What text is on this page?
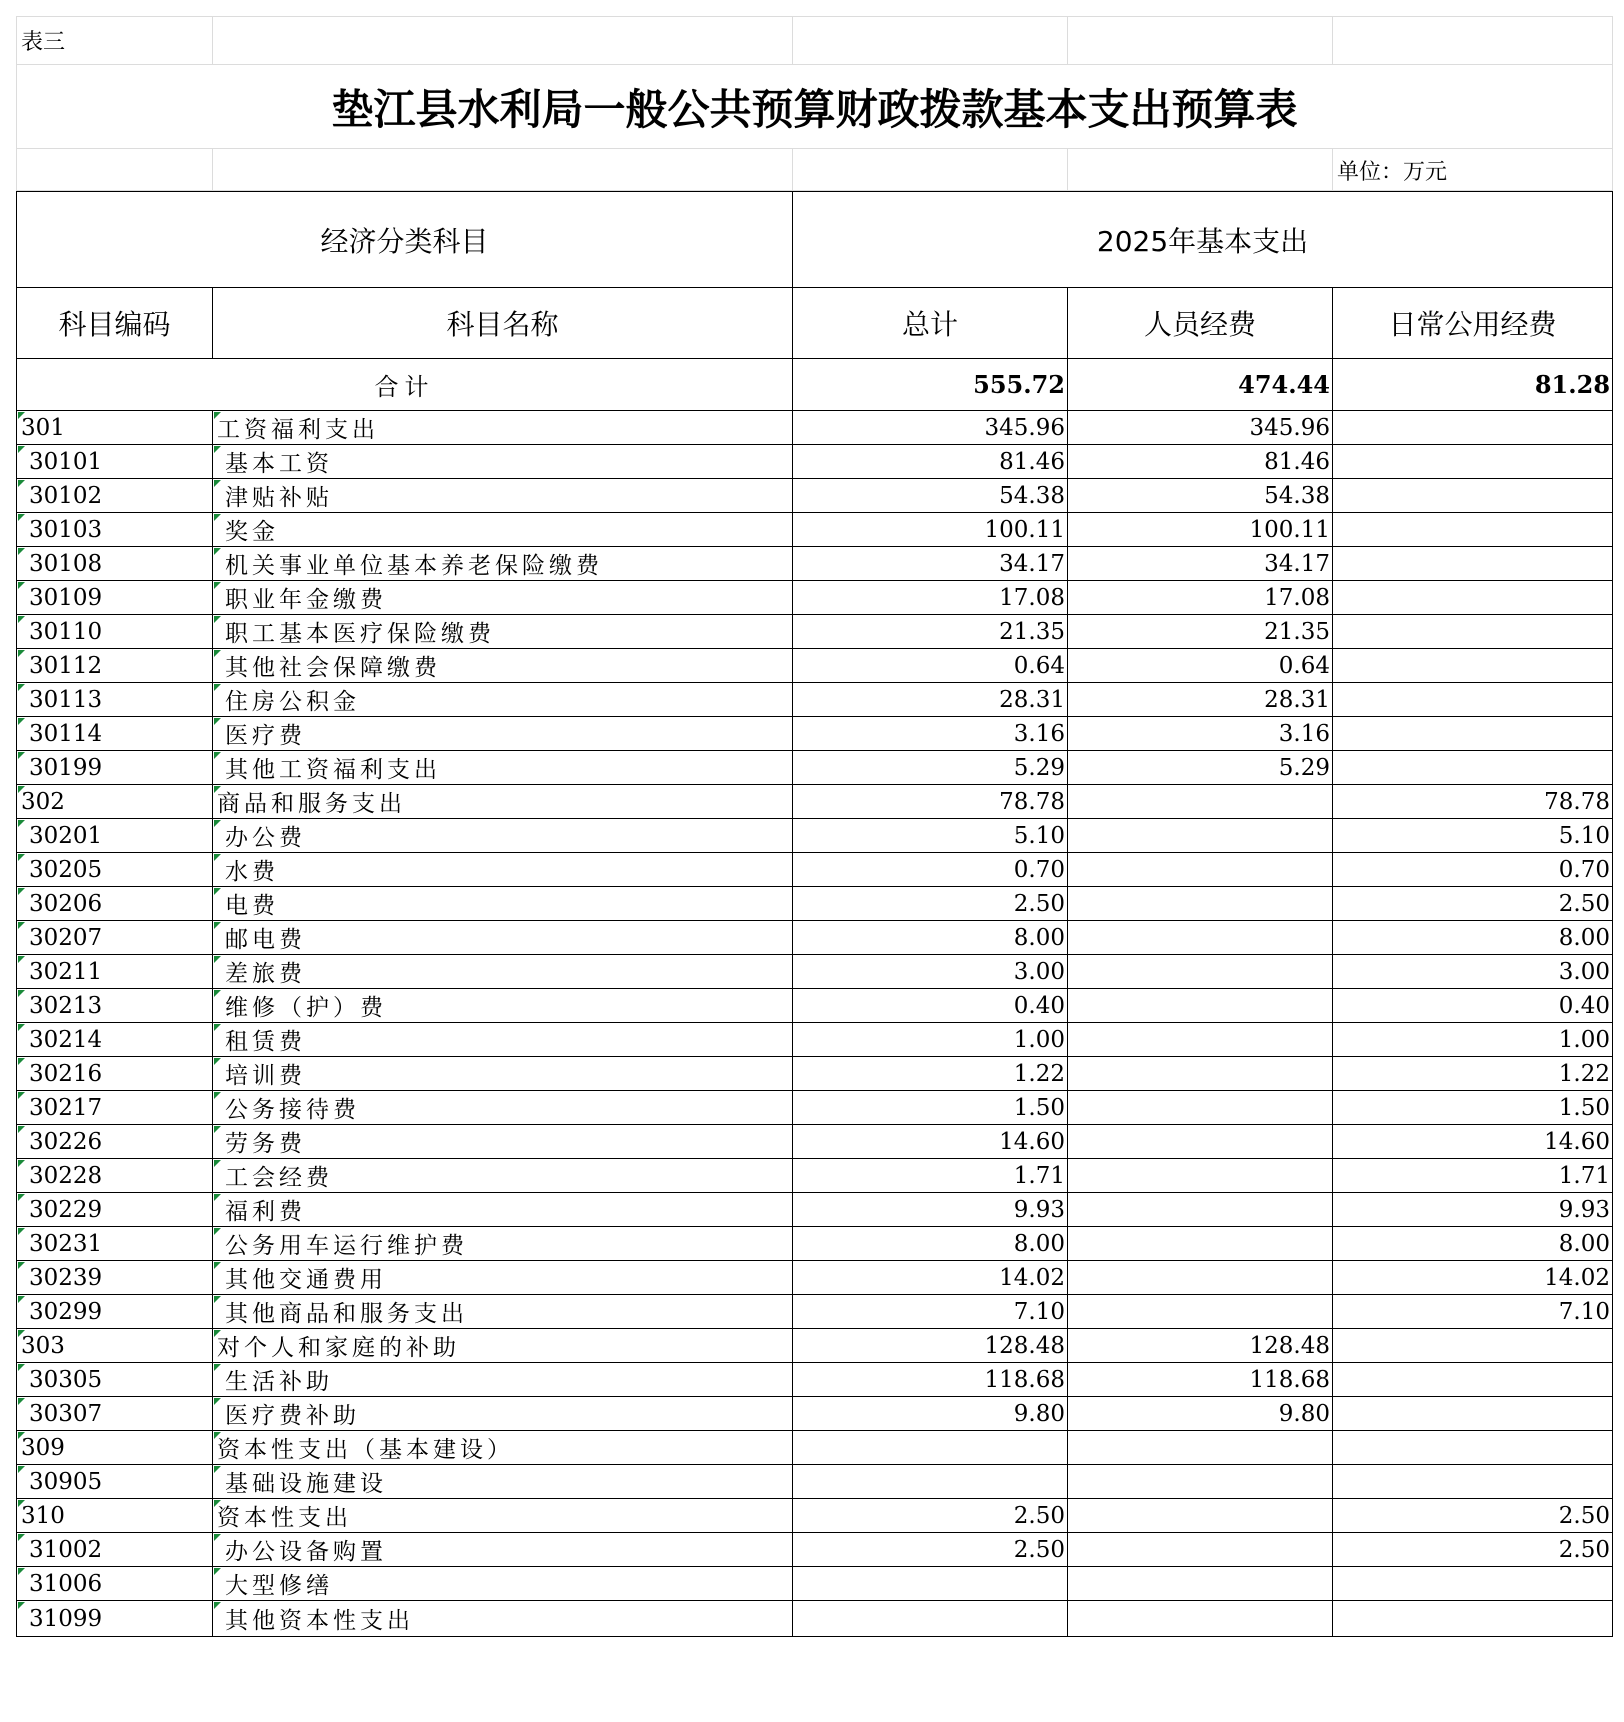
表三				
垫江县水利局一般公共预算财政拨款基本支出预算表				
				单位：万元
经济分类科目		2025年基本支出		
科目编码	科目名称	总计	人员经费	日常公用经费
合计		555.72	474.44	81.28

301	工资福利支出	345.96	345.96	

30101	基本工资	81.46	81.46	

30102	津贴补贴	54.38	54.38	

30103	奖金	100.11	100.11	

30108	机关事业单位基本养老保险缴费	34.17	34.17	

30109	职业年金缴费	17.08	17.08	

30110	职工基本医疗保险缴费	21.35	21.35	

30112	其他社会保障缴费	0.64	0.64	

30113	住房公积金	28.31	28.31	

30114	医疗费	3.16	3.16	

30199	其他工资福利支出	5.29	5.29	

302	商品和服务支出	78.78		78.78

30201	办公费	5.10		5.10

30205	水费	0.70		0.70

30206	电费	2.50		2.50

30207	邮电费	8.00		8.00

30211	差旅费	3.00		3.00

30213	维修（护）费	0.40		0.40

30214	租赁费	1.00		1.00

30216	培训费	1.22		1.22

30217	公务接待费	1.50		1.50

30226	劳务费	14.60		14.60

30228	工会经费	1.71		1.71

30229	福利费	9.93		9.93

30231	公务用车运行维护费	8.00		8.00

30239	其他交通费用	14.02		14.02

30299	其他商品和服务支出	7.10		7.10

303	对个人和家庭的补助	128.48	128.48	

30305	生活补助	118.68	118.68	

30307	医疗费补助	9.80	9.80	

309	资本性支出（基本建设）			

30905	基础设施建设			

310	资本性支出	2.50		2.50

31002	办公设备购置	2.50		2.50

31006	大型修缮			

31099	其他资本性支出			
